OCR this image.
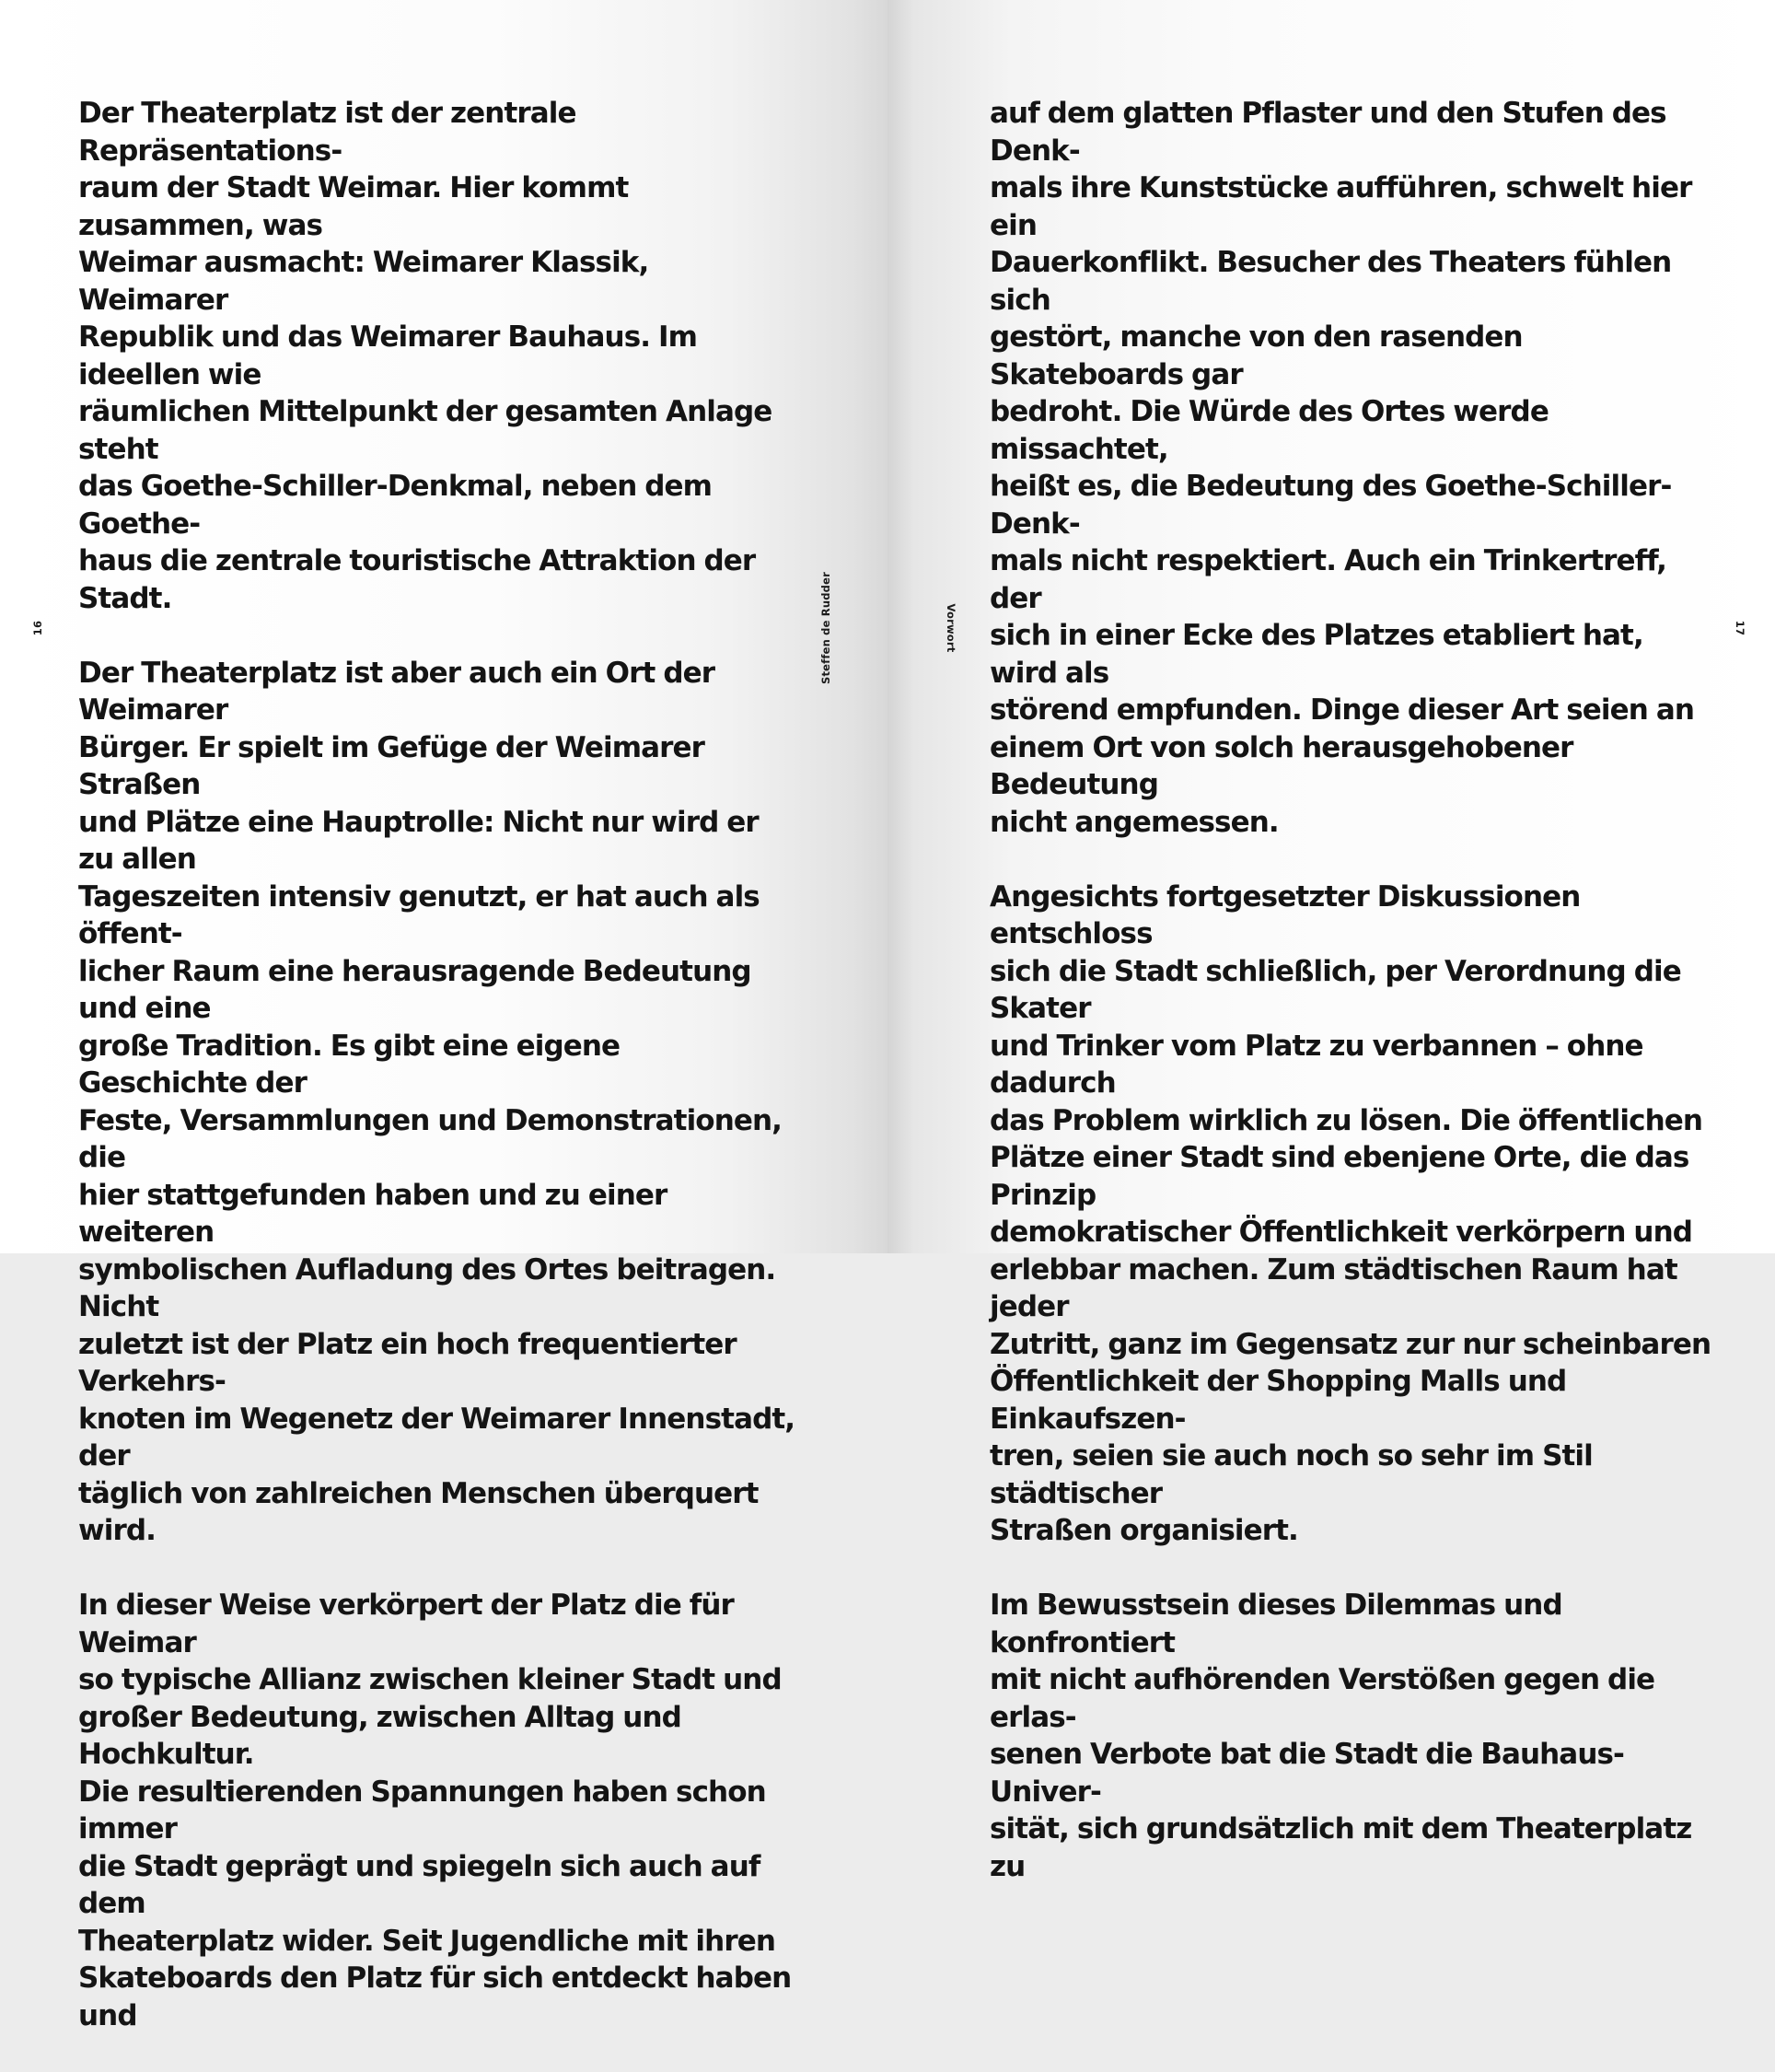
Der Theaterplatz ist der zentrale Repräsentations-
raum der Stadt Weimar. Hier kommt zusammen, was
Weimar ausmacht: Weimarer Klassik, Weimarer
Republik und das Weimarer Bauhaus. Im ideellen wie
räumlichen Mittelpunkt der gesamten Anlage steht
das Goethe-Schiller-Denkmal, neben dem Goethe-
haus die zentrale touristische Attraktion der Stadt.

Der Theaterplatz ist aber auch ein Ort der Weimarer
Bürger. Er spielt im Gefüge der Weimarer Straßen
und Plätze eine Hauptrolle: Nicht nur wird er zu allen
Tageszeiten intensiv genutzt, er hat auch als öffent-
licher Raum eine herausragende Bedeutung und eine
große Tradition. Es gibt eine eigene Geschichte der
Feste, Versammlungen und Demonstrationen, die
hier stattgefunden haben und zu einer weiteren
symbolischen Aufladung des Ortes beitragen. Nicht
zuletzt ist der Platz ein hoch frequentierter Verkehrs-
knoten im Wegenetz der Weimarer Innenstadt, der
täglich von zahlreichen Menschen überquert wird.

In dieser Weise verkörpert der Platz die für Weimar
so typische Allianz zwischen kleiner Stadt und
großer Bedeutung, zwischen Alltag und Hochkultur.
Die resultierenden Spannungen haben schon immer
die Stadt geprägt und spiegeln sich auch auf dem
Theaterplatz wider. Seit Jugendliche mit ihren
Skateboards den Platz für sich entdeckt haben und

16	Steffen de Rudder

auf dem glatten Pflaster und den Stufen des Denk-
mals ihre Kunststücke aufführen, schwelt hier ein
Dauerkonflikt. Besucher des Theaters fühlen sich
gestört, manche von den rasenden Skateboards gar
bedroht. Die Würde des Ortes werde missachtet,
heißt es, die Bedeutung des Goethe-Schiller-Denk-
mals nicht respektiert. Auch ein Trinkertreff, der
sich in einer Ecke des Platzes etabliert hat, wird als
störend empfunden. Dinge dieser Art seien an
einem Ort von solch herausgehobener Bedeutung
nicht angemessen.

Angesichts fortgesetzter Diskussionen entschloss
sich die Stadt schließlich, per Verordnung die Skater
und Trinker vom Platz zu verbannen – ohne dadurch
das Problem wirklich zu lösen. Die öffentlichen
Plätze einer Stadt sind ebenjene Orte, die das Prinzip
demokratischer Öffentlichkeit verkörpern und
erlebbar machen. Zum städtischen Raum hat jeder
Zutritt, ganz im Gegensatz zur nur scheinbaren
Öffentlichkeit der Shopping Malls und Einkaufszen-
tren, seien sie auch noch so sehr im Stil städtischer
Straßen organisiert.

Im Bewusstsein dieses Dilemmas und konfrontiert
mit nicht aufhörenden Verstößen gegen die erlas-
senen Verbote bat die Stadt die Bauhaus-Univer-
sität, sich grundsätzlich mit dem Theaterplatz zu

Vorwort	17
